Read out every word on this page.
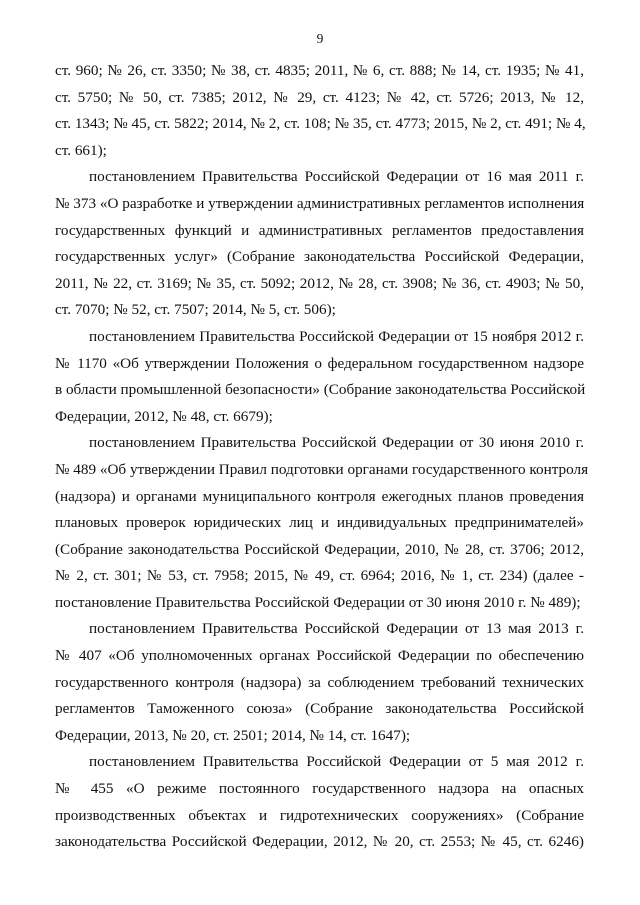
9
ст. 960; № 26, ст. 3350; № 38, ст. 4835; 2011, № 6, ст. 888; № 14, ст. 1935; № 41,
ст. 5750; № 50, ст. 7385; 2012, № 29, ст. 4123; № 42, ст. 5726; 2013, № 12,
ст. 1343; № 45, ст. 5822; 2014, № 2, ст. 108; № 35, ст. 4773; 2015, № 2, ст. 491; № 4,
ст. 661);
постановлением Правительства Российской Федерации от 16 мая 2011 г.
№ 373 «О разработке и утверждении административных регламентов исполнения
государственных функций и административных регламентов предоставления
государственных услуг» (Собрание законодательства Российской Федерации,
2011, № 22, ст. 3169; № 35, ст. 5092; 2012, № 28, ст. 3908; № 36, ст. 4903; № 50,
ст. 7070; № 52, ст. 7507; 2014, № 5, ст. 506);
постановлением Правительства Российской Федерации от 15 ноября 2012 г.
№ 1170 «Об утверждении Положения о федеральном государственном надзоре
в области промышленной безопасности» (Собрание законодательства Российской
Федерации, 2012, № 48, ст. 6679);
постановлением Правительства Российской Федерации от 30 июня 2010 г.
№ 489 «Об утверждении Правил подготовки органами государственного контроля
(надзора) и органами муниципального контроля ежегодных планов проведения
плановых проверок юридических лиц и индивидуальных предпринимателей»
(Собрание законодательства Российской Федерации, 2010, № 28, ст. 3706; 2012,
№ 2, ст. 301; № 53, ст. 7958; 2015, № 49, ст. 6964; 2016, № 1, ст. 234) (далее -
постановление Правительства Российской Федерации от 30 июня 2010 г. № 489);
постановлением Правительства Российской Федерации от 13 мая 2013 г.
№ 407 «Об уполномоченных органах Российской Федерации по обеспечению
государственного контроля (надзора) за соблюдением требований технических
регламентов Таможенного союза» (Собрание законодательства Российской
Федерации, 2013, № 20, ст. 2501; 2014, № 14, ст. 1647);
постановлением Правительства Российской Федерации от 5 мая 2012 г.
№ 455 «О режиме постоянного государственного надзора на опасных
производственных объектах и гидротехнических сооружениях» (Собрание
законодательства Российской Федерации, 2012, № 20, ст. 2553; № 45, ст. 6246)
